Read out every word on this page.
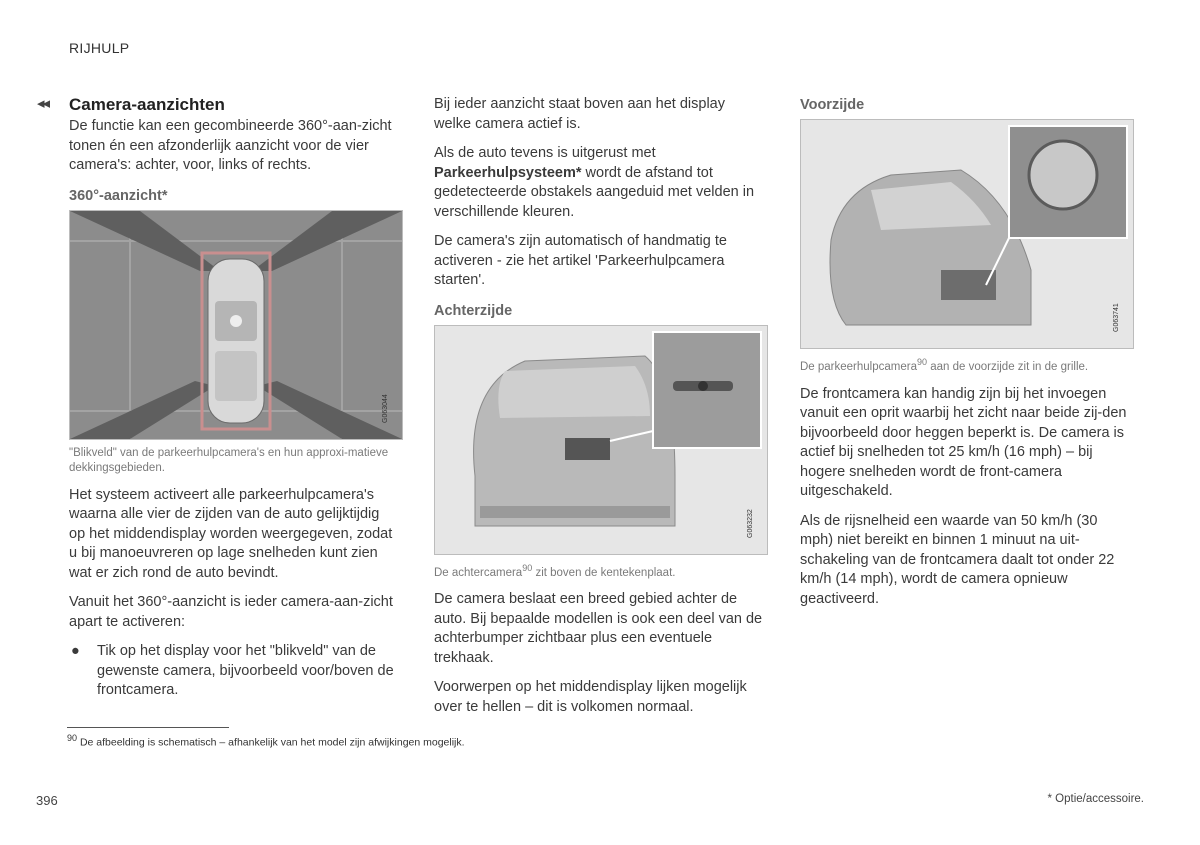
RIJHULP
◂◂ Camera-aanzichten

De functie kan een gecombineerde 360°-aan-zicht tonen én een afzonderlijk aanzicht voor de vier camera's: achter, voor, links of rechts.

360°-aanzicht*
G063044

"Blikveld" van de parkeerhulpcamera's en hun approxi-matieve dekkingsgebieden.

Het systeem activeert alle parkeerhulpcamera's waarna alle vier de zijden van de auto gelijktijdig op het middendisplay worden weergegeven, zodat u bij manoeuvreren op lage snelheden kunt zien wat er zich rond de auto bevindt.

Vanuit het 360°-aanzicht is ieder camera-aan-zicht apart te activeren:

● Tik op het display voor het "blikveld" van de gewenste camera, bijvoorbeeld voor/boven de frontcamera.

Bij ieder aanzicht staat boven aan het display welke camera actief is.

Als de auto tevens is uitgerust met Parkeerhulpsysteem* wordt de afstand tot gedetecteerde obstakels aangeduid met velden in verschillende kleuren.

De camera's zijn automatisch of handmatig te activeren - zie het artikel 'Parkeerhulpcamera starten'.

Achterzijde
G063232

De achtercamera$^{90}$ zit boven de kentekenplaat.

De camera beslaat een breed gebied achter de auto. Bij bepaalde modellen is ook een deel van de achterbumper zichtbaar plus een eventuele trekhaak.

Voorwerpen op het middendisplay lijken mogelijk over te hellen – dit is volkomen normaal.

Voorzijde
G063741

De parkeerhulpcamera$^{90}$ aan de voorzijde zit in de grille.

De frontcamera kan handig zijn bij het invoegen vanuit een oprit waarbij het zicht naar beide zij-den bijvoorbeeld door heggen beperkt is. De camera is actief bij snelheden tot 25 km/h (16 mph) – bij hogere snelheden wordt de front-camera uitgeschakeld.

Als de rijsnelheid een waarde van 50 km/h (30 mph) niet bereikt en binnen 1 minuut na uit-schakeling van de frontcamera daalt tot onder 22 km/h (14 mph), wordt de camera opnieuw geactiveerd.

$^{90}$ De afbeelding is schematisch – afhankelijk van het model zijn afwijkingen mogelijk.
396	* Optie/accessoire.
